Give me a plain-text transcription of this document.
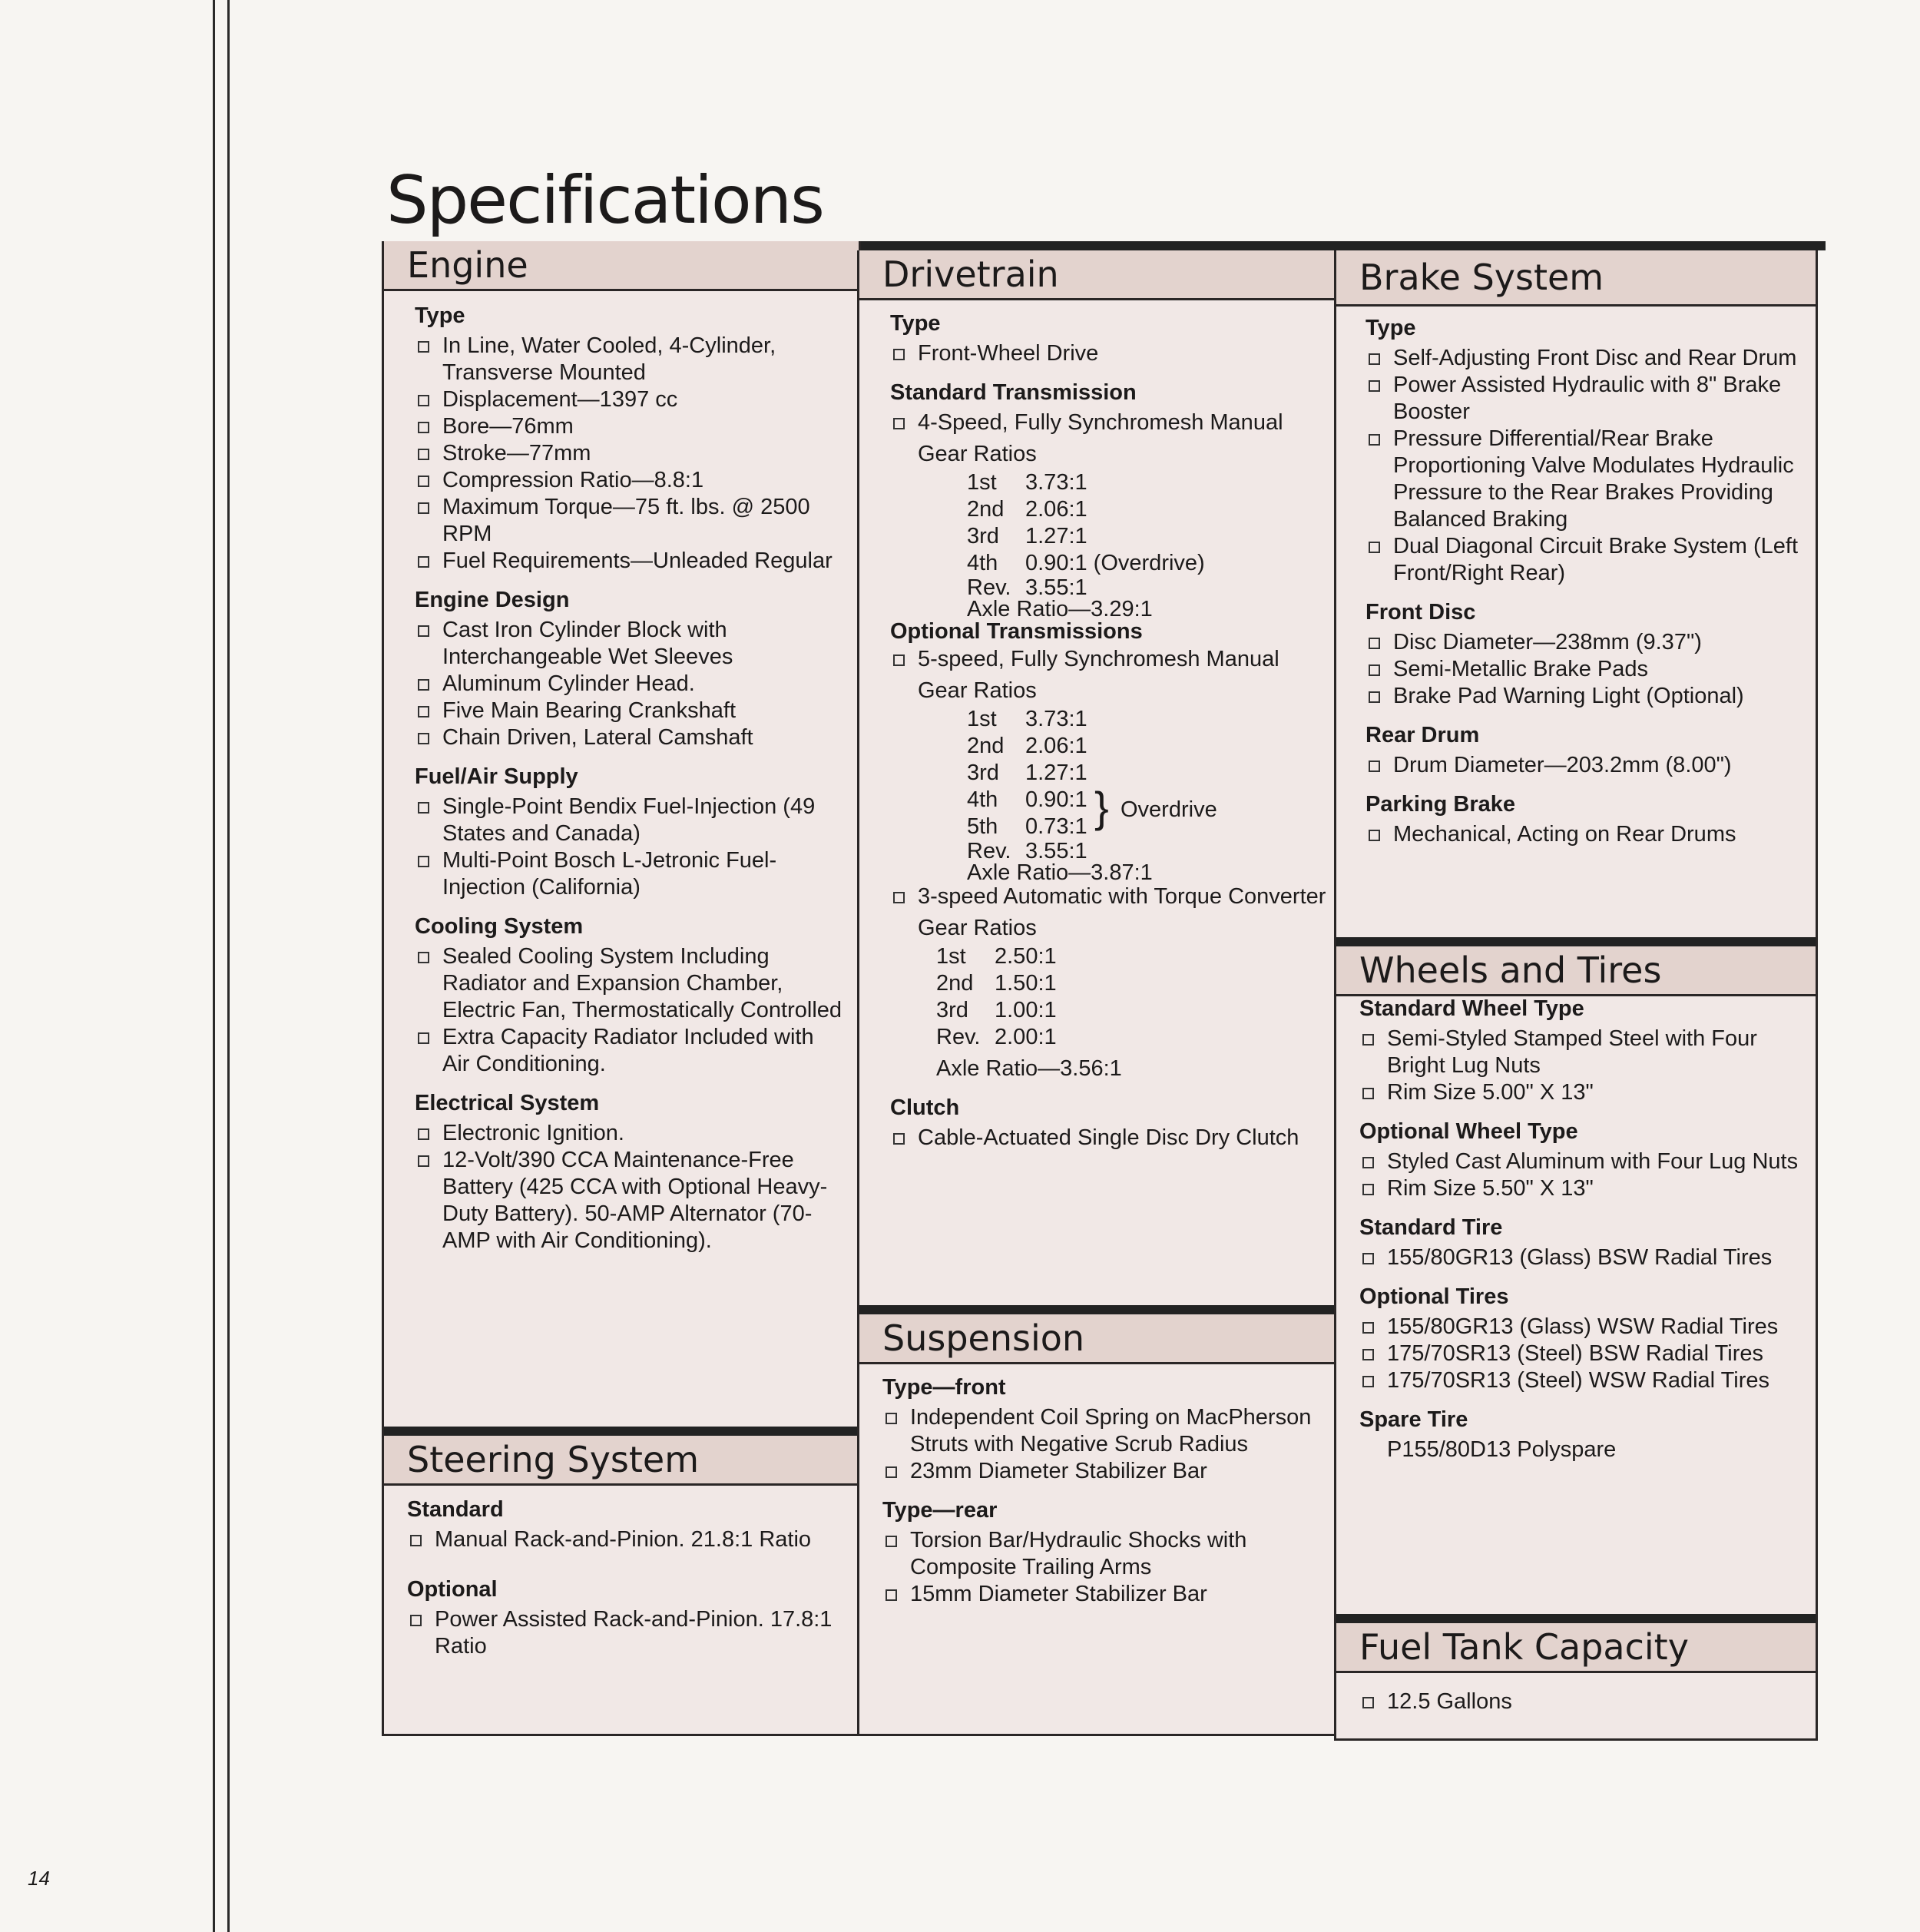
14
Specifications
Engine
Type
In Line, Water Cooled, 4-Cylinder, Transverse Mounted
Displacement—1397 cc
Bore—76mm
Stroke—77mm
Compression Ratio—8.8:1
Maximum Torque—75 ft. lbs. @ 2500 RPM
Fuel Requirements—Unleaded Regular
Engine Design
Cast Iron Cylinder Block with Interchangeable Wet Sleeves
Aluminum Cylinder Head.
Five Main Bearing Crankshaft
Chain Driven, Lateral Camshaft
Fuel/Air Supply
Single-Point Bendix Fuel-Injection (49 States and Canada)
Multi-Point Bosch L-Jetronic Fuel-Injection (California)
Cooling System
Sealed Cooling System Including Radiator and Expansion Chamber, Electric Fan, Thermostatically Controlled
Extra Capacity Radiator Included with Air Conditioning.
Electrical System
Electronic Ignition.
12-Volt/390 CCA Maintenance-Free Battery (425 CCA with Optional Heavy-Duty Battery). 50-AMP Alternator (70-AMP with Air Conditioning).
Steering System
Standard
Manual Rack-and-Pinion. 21.8:1 Ratio
Optional
Power Assisted Rack-and-Pinion. 17.8:1 Ratio
Drivetrain
Type
Front-Wheel Drive
Standard Transmission
4-Speed, Fully Synchromesh Manual
Gear Ratios
1st	3.73:1
2nd 2.06:1
3rd	1.27:1
4th	0.90:1 (Overdrive)
Rev. 3.55:1
Axle Ratio—3.29:1
Optional Transmissions
5-speed, Fully Synchromesh Manual
Gear Ratios
1st	3.73:1
2nd 2.06:1
3rd	1.27:1
4th	0.90:1
5th	0.73:1
Rev. 3.55:1
Axle Ratio—3.87:1
} Overdrive
3-speed Automatic with Torque Converter
Gear Ratios
1st	2.50:1
2nd 1.50:1
3rd	1.00:1
Rev. 2.00:1
Axle Ratio—3.56:1
Clutch
Cable-Actuated Single Disc Dry Clutch
Suspension
Type—front
Independent Coil Spring on MacPherson Struts with Negative Scrub Radius
23mm Diameter Stabilizer Bar
Type—rear
Torsion Bar/Hydraulic Shocks with Composite Trailing Arms
15mm Diameter Stabilizer Bar
Brake System
Type
Self-Adjusting Front Disc and Rear Drum
Power Assisted Hydraulic with 8" Brake Booster
Pressure Differential/Rear Brake Proportioning Valve Modulates Hydraulic Pressure to the Rear Brakes Providing Balanced Braking
Dual Diagonal Circuit Brake System (Left Front/Right Rear)
Front Disc
Disc Diameter—238mm (9.37")
Semi-Metallic Brake Pads
Brake Pad Warning Light (Optional)
Rear Drum
Drum Diameter—203.2mm (8.00")
Parking Brake
Mechanical, Acting on Rear Drums
Wheels and Tires
Standard Wheel Type
Semi-Styled Stamped Steel with Four Bright Lug Nuts
Rim Size 5.00" X 13"
Optional Wheel Type
Styled Cast Aluminum with Four Lug Nuts
Rim Size 5.50" X 13"
Standard Tire
155/80GR13 (Glass) BSW Radial Tires
Optional Tires
155/80GR13 (Glass) WSW Radial Tires
175/70SR13 (Steel) BSW Radial Tires
175/70SR13 (Steel) WSW Radial Tires
Spare Tire
P155/80D13 Polyspare
Fuel Tank Capacity
12.5 Gallons
